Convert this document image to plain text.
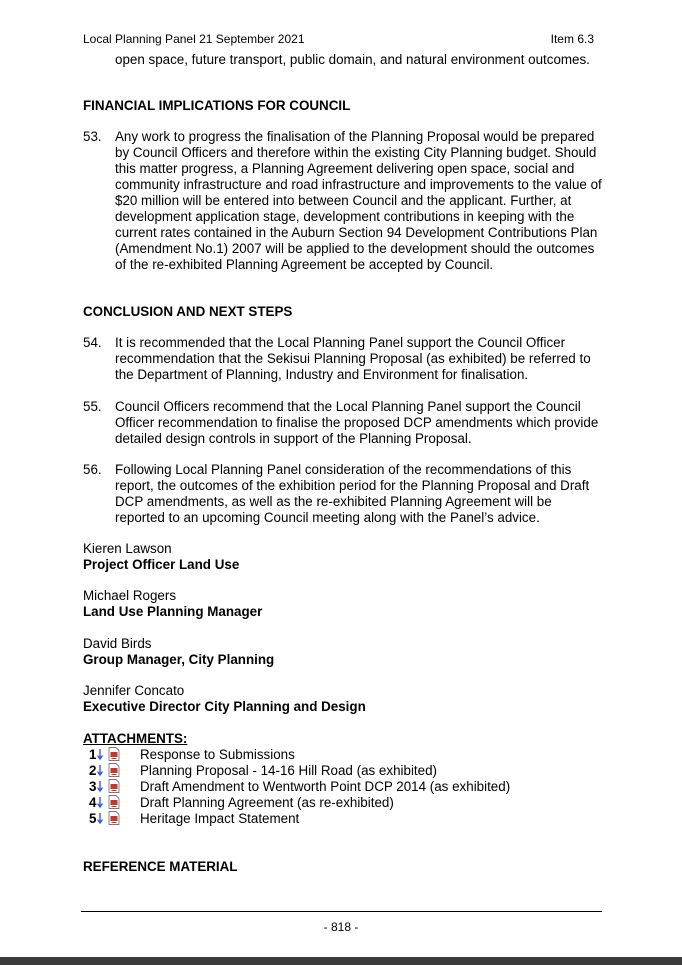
Local Planning Panel 21 September 2021	Item 6.3
open space, future transport, public domain, and natural environment outcomes.
FINANCIAL IMPLICATIONS FOR COUNCIL
53. Any work to progress the finalisation of the Planning Proposal would be prepared by Council Officers and therefore within the existing City Planning budget. Should this matter progress, a Planning Agreement delivering open space, social and community infrastructure and road infrastructure and improvements to the value of $20 million will be entered into between Council and the applicant. Further, at development application stage, development contributions in keeping with the current rates contained in the Auburn Section 94 Development Contributions Plan (Amendment No.1) 2007 will be applied to the development should the outcomes of the re-exhibited Planning Agreement be accepted by Council.
CONCLUSION AND NEXT STEPS
54. It is recommended that the Local Planning Panel support the Council Officer recommendation that the Sekisui Planning Proposal (as exhibited) be referred to the Department of Planning, Industry and Environment for finalisation.
55. Council Officers recommend that the Local Planning Panel support the Council Officer recommendation to finalise the proposed DCP amendments which provide detailed design controls in support of the Planning Proposal.
56. Following Local Planning Panel consideration of the recommendations of this report, the outcomes of the exhibition period for the Planning Proposal and Draft DCP amendments, as well as the re-exhibited Planning Agreement will be reported to an upcoming Council meeting along with the Panel’s advice.
Kieren Lawson
Project Officer Land Use
Michael Rogers
Land Use Planning Manager
David Birds
Group Manager, City Planning
Jennifer Concato
Executive Director City Planning and Design
ATTACHMENTS:
1	Response to Submissions
2	Planning Proposal - 14-16 Hill Road (as exhibited)
3	Draft Amendment to Wentworth Point DCP 2014 (as exhibited)
4	Draft Planning Agreement (as re-exhibited)
5	Heritage Impact Statement
REFERENCE MATERIAL
- 818 -
